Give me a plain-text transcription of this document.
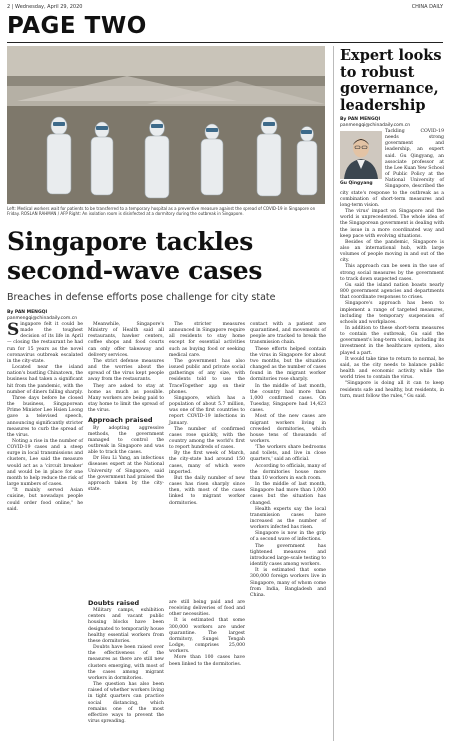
2 | Wednesday, April 29, 2020	CHINA DAILY
PAGE TWO
Left: Medical workers wait for patients to be transferred to a temporary hospital as a preventive measure against the spread of COVID-19 in Singapore on Friday. ROSLAN RAHMAN / AFP Right: An isolation room is disinfected at a dormitory during the outbreak in Singapore.
Singapore tackles second-wave cases
Breaches in defense efforts pose challenge for city state
By PAN MENGQI
panmengqi@chinadaily.com.cn
S ingapore felt it could be made the toughest decision of its life in April — closing the restaurant he had run for 15 years as the novel coronavirus outbreak escalated in the city-state.

Located near the island nation's bustling Chinatown, the business had taken a significant hit from the pandemic, with the number of diners falling sharply.

Three days before he closed the business, Singaporean Prime Minister Lee Hsien Loong gave a televised speech, announcing significantly stricter measures to curb the spread of the virus.

Noting a rise in the number of COVID-19 cases and a steep surge in local transmissions and clusters, Lee said the measure would act as a 'circuit breaker' and would be in place for one month to help reduce the risk of large numbers of cases.

"It mainly served Asian cuisine, but nowadays people could order food online," he said.

Meanwhile, Singapore's Ministry of Health said all restaurants, hawker centers, coffee shops and food courts can only offer takeaway and delivery services.

The strict defense measures and the worries about the spread of the virus kept people away from the restaurants.

They are asked to stay at home as much as possible. Many workers are being paid to stay home to limit the spread of the virus.

Approach praised

By adopting aggressive methods, the government managed to control the outbreak in Singapore and was able to track the cases.

Dr Hsu Li Yang, an infectious diseases expert at the National University of Singapore, said the government had praised the approach taken by the city-state.

The stricter measures announced in Singapore require all residents to stay home except for essential activities such as buying food or seeking medical care.

The government has also issued public and private social gatherings of any size, with residents told to use the TraceTogether app on their phones.

Singapore, which has a population of about 5.7 million, was one of the first countries to report COVID-19 infections in January.

The number of confirmed cases rose quickly, with the country among the world's first to report hundreds of cases.

By the first week of March, the city-state had around 150 cases, many of which were imported.

But the daily number of new cases has risen sharply since then, with most of the cases linked to migrant worker dormitories.

contact with a patient are quarantined, and movements of people are tracked to break the transmission chain.

These efforts helped contain the virus in Singapore for about two months, but the situation changed as the number of cases found in the migrant worker dormitories rose sharply.

In the middle of last month, the country had more than 1,000 confirmed cases. On Tuesday, Singapore had 14,423 cases.

Most of the new cases are migrant workers living in crowded dormitories, which house tens of thousands of workers.

'The workers share bedrooms and toilets, and live in close quarters,' said an official.

According to officials, many of the dormitories house more than 10 workers in each room.

In the middle of last month, Singapore had more than 1,000 cases but the situation has changed.

Health experts say the local transmission cases have increased as the number of workers infected has risen.

Singapore is now in the grip of a second wave of infections.

The government has tightened measures and introduced large-scale testing to identify cases among workers.

It is estimated that some 300,000 foreign workers live in Singapore, many of whom come from India, Bangladesh and China.

are still being paid and are receiving deliveries of food and other necessities.

It is estimated that some 300,000 workers are under quarantine. The largest dormitory, Sungei Tengah Lodge, comprises 25,000 workers.

More than 100 cases have been linked to the dormitories.

Doubts raised

Military camps, exhibition centers and vacant public housing blocks have been designated to temporarily house healthy essential workers from these dormitories.

Doubts have been raised over the effectiveness of the measures as there are still new clusters emerging, with most of the cases among migrant workers in dormitories.

The question has also been raised of whether workers living in tight quarters can practice social distancing, which remains one of the most effective ways to prevent the virus spreading.

Expert looks to robust governance, leadership
By PAN MENGQI
panmengqi@chinadaily.com.cn

Tackling COVID-19 needs strong government and leadership, an expert said. Gu Qingyang, an associate professor at the Lee Kuan Yew School of Public Policy at the National University of Singapore, described the city state's response to the outbreak as a combination of short-term measures and long-term vision.

The virus' impact on Singapore and the world is unprecedented. The whole idea of the Singaporean government is dealing with the issue in a more coordinated way and keep pace with evolving situations.

Besides of the pandemic, Singapore is also an international hub, with large volumes of people moving in and out of the city.

This approach can be seen in the use of strong social measures by the government to track down suspected cases.

Gu said the island nation boasts nearly 800 government agencies and departments that coordinate responses to crises.

Singapore's approach has been to implement a range of targeted measures, including the temporary suspension of schools and workplaces.

In addition to these short-term measures to contain the outbreak, Gu said the government's long-term vision, including its investment in the healthcare system, also played a part.

It would take time to return to normal, he said, as the city needs to balance public health and economic activity while the world tries to contain the virus.

"Singapore is doing all it can to keep residents safe and healthy, but residents, in turn, must follow the rules," Gu said.

Gu Qingyang
